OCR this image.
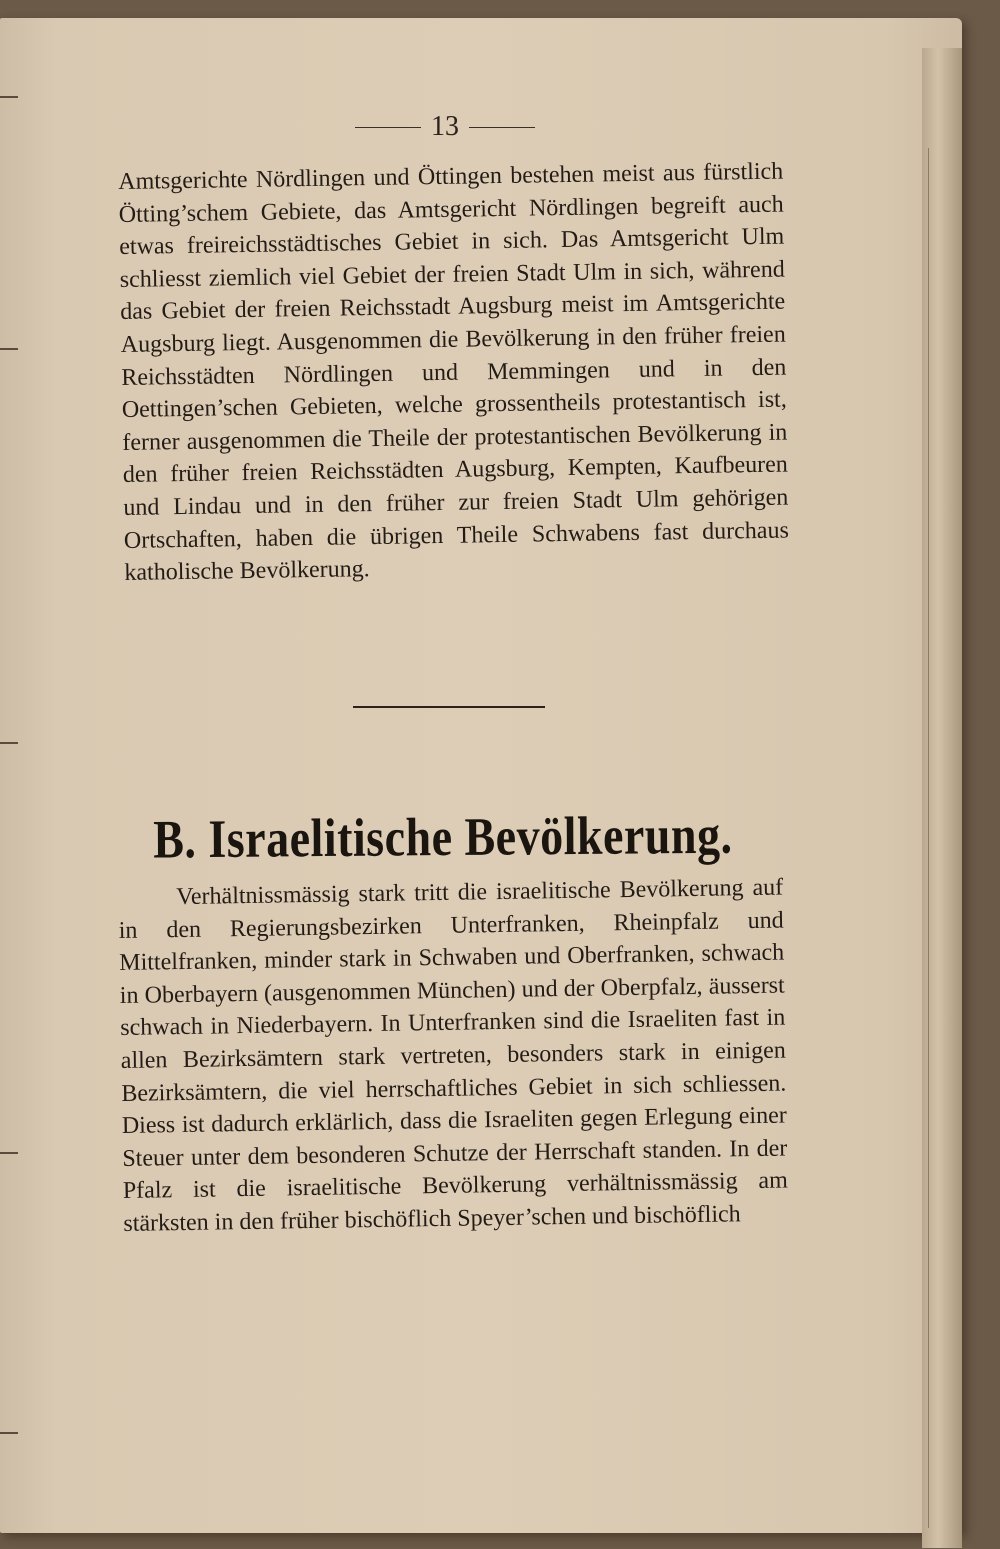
13

Amtsgerichte Nördlingen und Öttingen bestehen meist aus fürstlich Ötting’schem Gebiete, das Amtsgericht Nördlingen begreift auch etwas freireichsstädtisches Gebiet in sich. Das Amtsgericht Ulm schliesst ziemlich viel Gebiet der freien Stadt Ulm in sich, während das Gebiet der freien Reichsstadt Augsburg meist im Amtsgerichte Augsburg liegt. Ausgenommen die Bevölkerung in den früher freien Reichsstädten Nördlingen und Memmingen und in den Oettingen’schen Gebieten, welche grossentheils protestantisch ist, ferner ausgenommen die Theile der protestantischen Bevölkerung in den früher freien Reichsstädten Augsburg, Kempten, Kaufbeuren und Lindau und in den früher zur freien Stadt Ulm gehörigen Ortschaften, haben die übrigen Theile Schwabens fast durchaus katholische Bevölkerung.

B. Israelitische Bevölkerung.

Verhältnissmässig stark tritt die israelitische Bevölkerung auf in den Regierungsbezirken Unterfranken, Rheinpfalz und Mittelfranken, minder stark in Schwaben und Oberfranken, schwach in Oberbayern (ausgenommen München) und der Oberpfalz, äusserst schwach in Niederbayern. In Unterfranken sind die Israeliten fast in allen Bezirksämtern stark vertreten, besonders stark in einigen Bezirksämtern, die viel herrschaftliches Gebiet in sich schliessen. Diess ist dadurch erklärlich, dass die Israeliten gegen Erlegung einer Steuer unter dem besonderen Schutze der Herrschaft standen. In der Pfalz ist die israelitische Bevölkerung verhältnissmässig am stärksten in den früher bischöflich Speyer’schen und bischöflich
